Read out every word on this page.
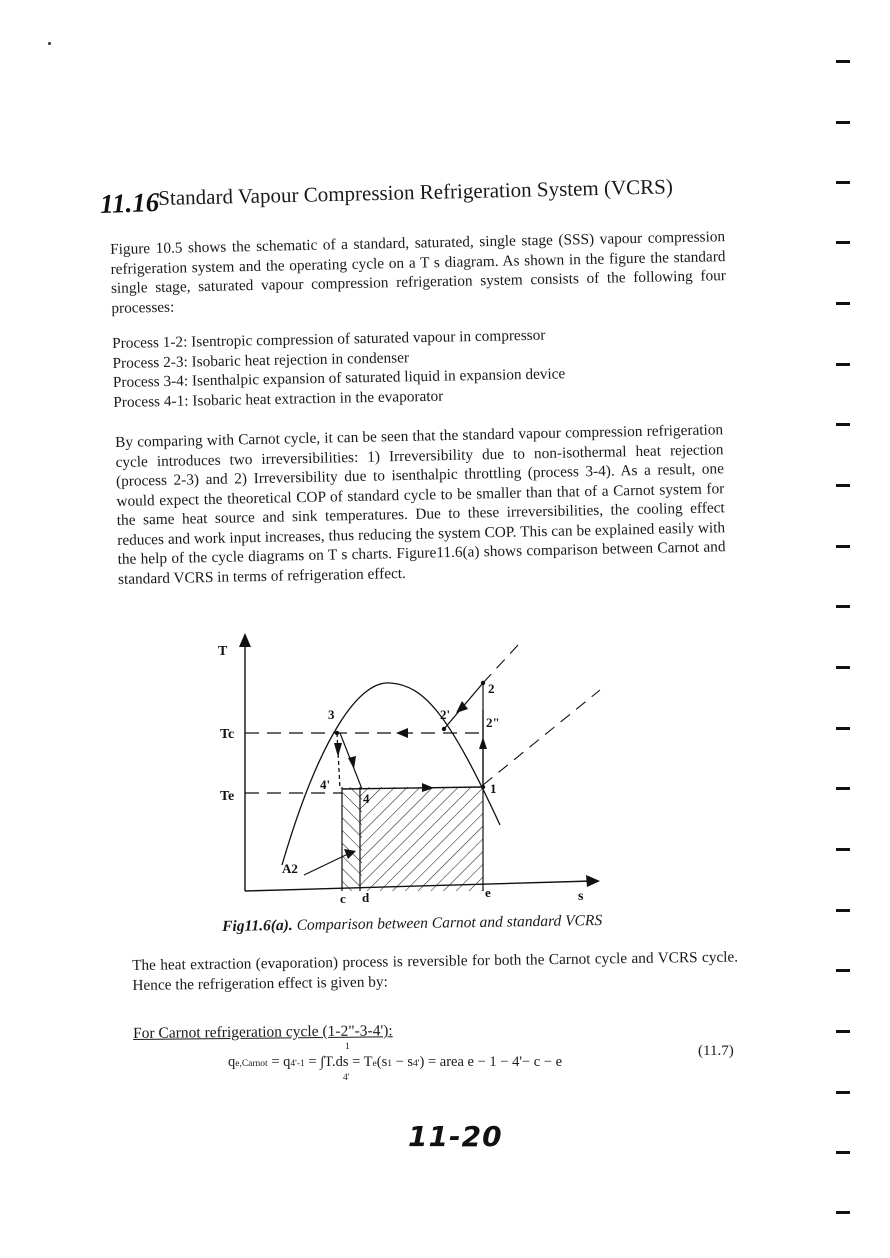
11.16
Standard Vapour Compression Refrigeration System (VCRS)

Figure 10.5 shows the schematic of a standard, saturated, single stage (SSS) vapour compression refrigeration system and the operating cycle on a T s diagram. As shown in the figure the standard single stage, saturated vapour compression refrigeration system consists of the following four processes:

Process 1-2: Isentropic compression of saturated vapour in compressor
Process 2-3: Isobaric heat rejection in condenser
Process 3-4: Isenthalpic expansion of saturated liquid in expansion device
Process 4-1: Isobaric heat extraction in the evaporator

By comparing with Carnot cycle, it can be seen that the standard vapour compression refrigeration cycle introduces two irreversibilities: 1) Irreversibility due to non-isothermal heat rejection (process 2-3) and 2) Irreversibility due to isenthalpic throttling (process 3-4). As a result, one would expect the theoretical COP of standard cycle to be smaller than that of a Carnot system for the same heat source and sink temperatures. Due to these irreversibilities, the cooling effect reduces and work input increases, thus reducing the system COP. This can be explained easily with the help of the cycle diagrams on T s charts. Figure11.6(a) shows comparison between Carnot and standard VCRS in terms of refrigeration effect.

T
s
Tc
Te
3	2'
2
2"
4'
4
1
A2
c d	e
Fig11.6(a). Comparison between Carnot and standard VCRS
The heat extraction (evaporation) process is reversible for both the Carnot cycle and VCRS cycle. Hence the refrigeration effect is given by:
For Carnot refrigeration cycle (1-2"-3-4'):
qe,Carnot = q4'-1 = ∫T.ds = Te(s1 − s4') = area e − 1 − 4'− c − e
1
4'
(11.7)
11-20
